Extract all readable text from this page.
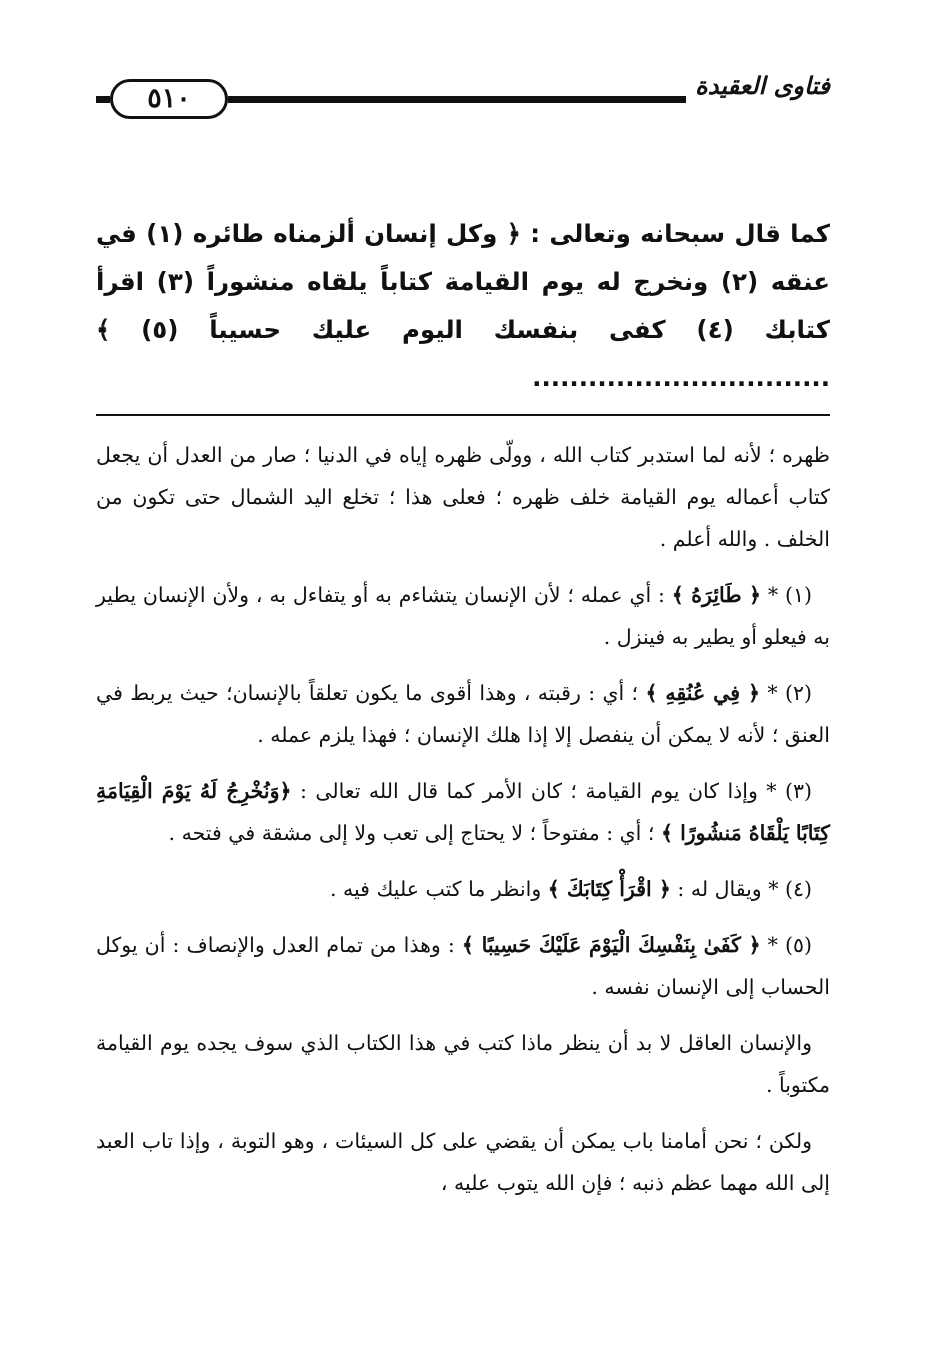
فتاوى العقيدة
٥١٠

كما قال سبحانه وتعالى : ﴿ وكل إنسان ألزمناه طائره (١) في عنقه (٢) ونخرج له يوم القيامة كتاباً يلقاه منشوراً (٣) اقرأ كتابك (٤) كفى بنفسك اليوم عليك حسيباً (٥) ﴾ ................................

ظهره ؛ لأنه لما استدبر كتاب الله ، وولّى ظهره إياه في الدنيا ؛ صار من العدل أن يجعل كتاب أعماله يوم القيامة خلف ظهره ؛ فعلى هذا ؛ تخلع اليد الشمال حتى تكون من الخلف . والله أعلم .

(١) * ﴿ طَائِرَهُ ﴾ : أي عمله ؛ لأن الإنسان يتشاءم به أو يتفاءل به ، ولأن الإنسان يطير به فيعلو أو يطير به فينزل .

(٢) * ﴿ فِي عُنُقِهِ ﴾ ؛ أي : رقبته ، وهذا أقوى ما يكون تعلقاً بالإنسان؛ حيث يربط في العنق ؛ لأنه لا يمكن أن ينفصل إلا إذا هلك الإنسان ؛ فهذا يلزم عمله .

(٣) * وإذا كان يوم القيامة ؛ كان الأمر كما قال الله تعالى : ﴿وَنُخْرِجُ لَهُ يَوْمَ الْقِيَامَةِ كِتَابًا يَلْقَاهُ مَنشُورًا ﴾ ؛ أي : مفتوحاً ؛ لا يحتاج إلى تعب ولا إلى مشقة في فتحه .

(٤) * ويقال له : ﴿ اقْرَأْ كِتَابَكَ ﴾ وانظر ما كتب عليك فيه .

(٥) * ﴿ كَفَىٰ بِنَفْسِكَ الْيَوْمَ عَلَيْكَ حَسِيبًا ﴾ : وهذا من تمام العدل والإنصاف : أن يوكل الحساب إلى الإنسان نفسه .

والإنسان العاقل لا بد أن ينظر ماذا كتب في هذا الكتاب الذي سوف يجده يوم القيامة مكتوباً .

ولكن ؛ نحن أمامنا باب يمكن أن يقضي على كل السيئات ، وهو التوبة ، وإذا تاب العبد إلى الله مهما عظم ذنبه ؛ فإن الله يتوب عليه ،
